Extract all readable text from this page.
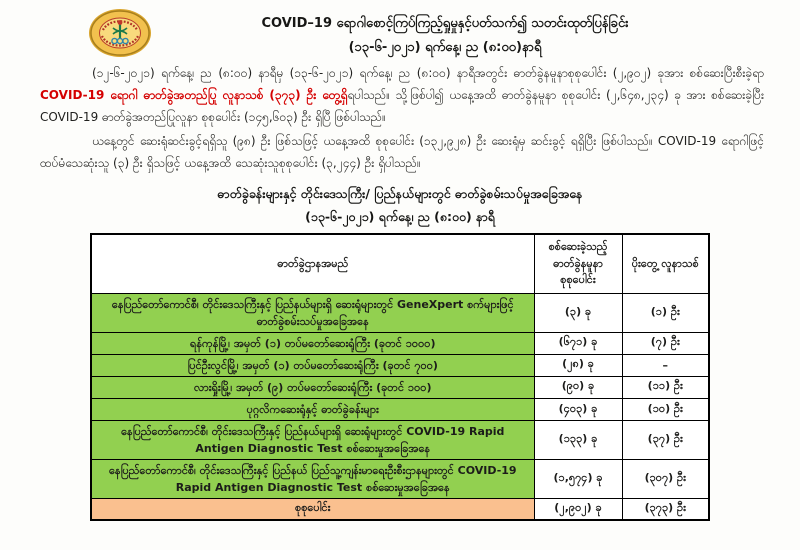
COVID–19 ရောဂါစောင့်ကြပ်ကြည့်ရှုမှုနှင့်ပတ်သက်၍ သတင်းထုတ်ပြန်ခြင်း
(၁၃-၆-၂၀၂၁) ရက်နေ့၊ ည (၈:၀၀)နာရီ

(၁၂-၆-၂၀၂၁) ရက်နေ့၊ ည (၈:၀၀) နာရီမှ (၁၃-၆-၂၀၂၁) ရက်နေ့၊ ည (၈:၀၀) နာရီအတွင်း ဓာတ်ခွဲနမူနာစုစုပေါင်း (၂,၉၀၂) ခုအား စစ်ဆေးပြီးစီးခဲ့ရာ COVID-19 ရောဂါ ဓာတ်ခွဲအတည်ပြု လူနာသစ် (၃၇၃) ဦး တွေ့ရှိရပါသည်။ သို့ဖြစ်ပါ၍ ယနေ့အထိ ဓာတ်ခွဲနမူနာ စုစုပေါင်း (၂,၆၄၈,၂၃၄) ခု အား စစ်ဆေးခဲ့ပြီး COVID-19 ဓာတ်ခွဲအတည်ပြုလူနာ စုစုပေါင်း (၁၄၅,၆၀၃) ဦး ရှိပြီ ဖြစ်ပါသည်။

ယနေ့တွင် ဆေးရုံဆင်းခွင့်ရရှိသူ (၉၈) ဦး ဖြစ်သဖြင့် ယနေ့အထိ စုစုပေါင်း (၁၃၂,၉၂၈) ဦး ဆေးရုံမှ ဆင်းခွင့် ရရှိပြီး ဖြစ်ပါသည်။ COVID-19 ရောဂါဖြင့် ထပ်မံသေဆုံးသူ (၃) ဦး ရှိသဖြင့် ယနေ့အထိ သေဆုံးသူစုစုပေါင်း (၃,၂၄၄) ဦး ရှိပါသည်။

ဓာတ်ခွဲခန်းများနှင့် တိုင်းဒေသကြီး/ ပြည်နယ်များတွင် ဓာတ်ခွဲစမ်းသပ်မှုအခြေအနေ
(၁၃-၆-၂၀၂၁) ရက်နေ့၊ ည (၈:၀၀) နာရီ
ဓာတ်ခွဲဌာနအမည်	စစ်ဆေးခဲ့သည့် ဓာတ်ခွဲနမူနာ စုစုပေါင်း	ပိုးတွေ့ လူနာသစ်
နေပြည်တော်ကောင်စီ၊ တိုင်းဒေသကြီးနှင့် ပြည်နယ်များရှိ ဆေးရုံများတွင် GeneXpert စက်များဖြင့် ဓာတ်ခွဲစမ်းသပ်မှုအခြေအနေ	(၃) ခု	(၁) ဦး
ရန်ကုန်မြို့၊ အမှတ် (၁) တပ်မတော်ဆေးရုံကြီး (ခုတင် ၁၀၀၀)	(၆၇၁) ခု	(၇) ဦး
ပြင်ဦးလွင်မြို့၊ အမှတ် (၁) တပ်မတော်ဆေးရုံကြီး (ခုတင် ၇၀၀)	(၂၈) ခု	–
လားရှိုးမြို့၊ အမှတ် (၉) တပ်မတော်ဆေးရုံကြီး (ခုတင် ၁၀၀)	(၉၀) ခု	(၁၁) ဦး
ပုဂ္ဂလိကဆေးရုံနှင့် ဓာတ်ခွဲခန်းများ	(၄၀၃) ခု	(၁၀) ဦး
နေပြည်တော်ကောင်စီ၊ တိုင်းဒေသကြီးနှင့် ပြည်နယ်များရှိ ဆေးရုံများတွင် COVID-19 Rapid Antigen Diagnostic Test စစ်ဆေးမှုအခြေအနေ	(၁၃၃) ခု	(၃၇) ဦး
နေပြည်တော်ကောင်စီ၊ တိုင်းဒေသကြီးနှင့် ပြည်နယ် ပြည်သူ့ကျန်းမာရေးဦးစီးဌာနများတွင် COVID-19 Rapid Antigen Diagnostic Test စစ်ဆေးမှုအခြေအနေ	(၁,၅၇၄) ခု	(၃၀၇) ဦး
စုစုပေါင်း	(၂,၉၀၂) ခု	(၃၇၃) ဦး
